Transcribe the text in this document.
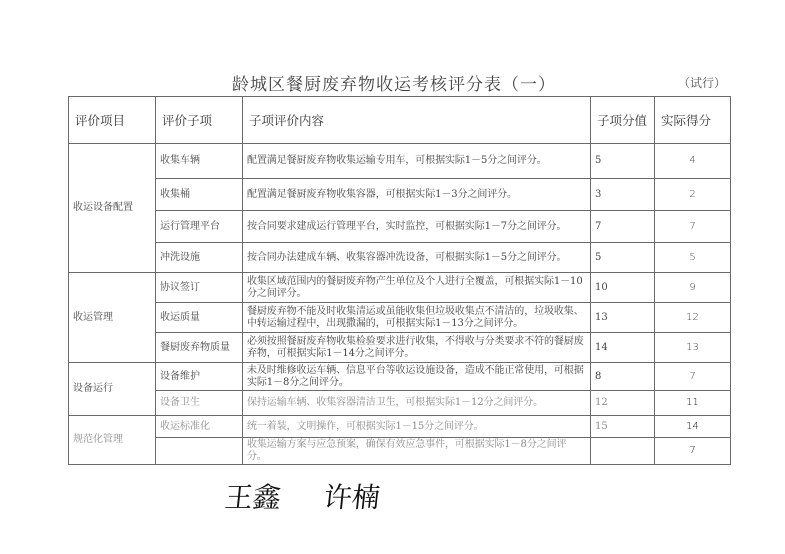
龄城区餐厨废弃物收运考核评分表（一）	（试行）
评价项目	评价子项	子项评价内容	子项分值	实际得分
收运设备配置	收集车辆	配置满足餐厨废弃物收集运输专用车，可根据实际1－5分之间评分。	5	4
	收集桶	配置满足餐厨废弃物收集容器，可根据实际1－3分之间评分。	3	2
	运行管理平台	按合同要求建成运行管理平台，实时监控，可根据实际1－7分之间评分。	7	7
	冲洗设施	按合同办法建成车辆、收集容器冲洗设备，可根据实际1－5分之间评分。	5	5
收运管理	协议签订	收集区域范围内的餐厨废弃物产生单位及个人进行全覆盖，可根据实际1－10分之间评分。	10	9
	收运质量	餐厨废弃物不能及时收集清运或虽能收集但垃圾收集点不清洁的，垃圾收集、中转运输过程中，出现撒漏的，可根据实际1－13分之间评分。	13	12
	餐厨废弃物质量	必须按照餐厨废弃物收集检验要求进行收集，不得收与分类要求不符的餐厨废弃物，可根据实际1－14分之间评分。	14	13
设备运行	设备维护	未及时维修收运车辆、信息平台等收运设施设备，造成不能正常使用，可根据实际1－8分之间评分。	8	7
	设备卫生	保持运输车辆、收集容器清洁卫生，可根据实际1－12分之间评分。	12	11
规范化管理	收运标准化	统一着装，文明操作，可根据实际1－15分之间评分。	15	14
		收集运输方案与应急预案，确保有效应急事件，可根据实际1－8分之间评分。		7
王鑫 许楠
